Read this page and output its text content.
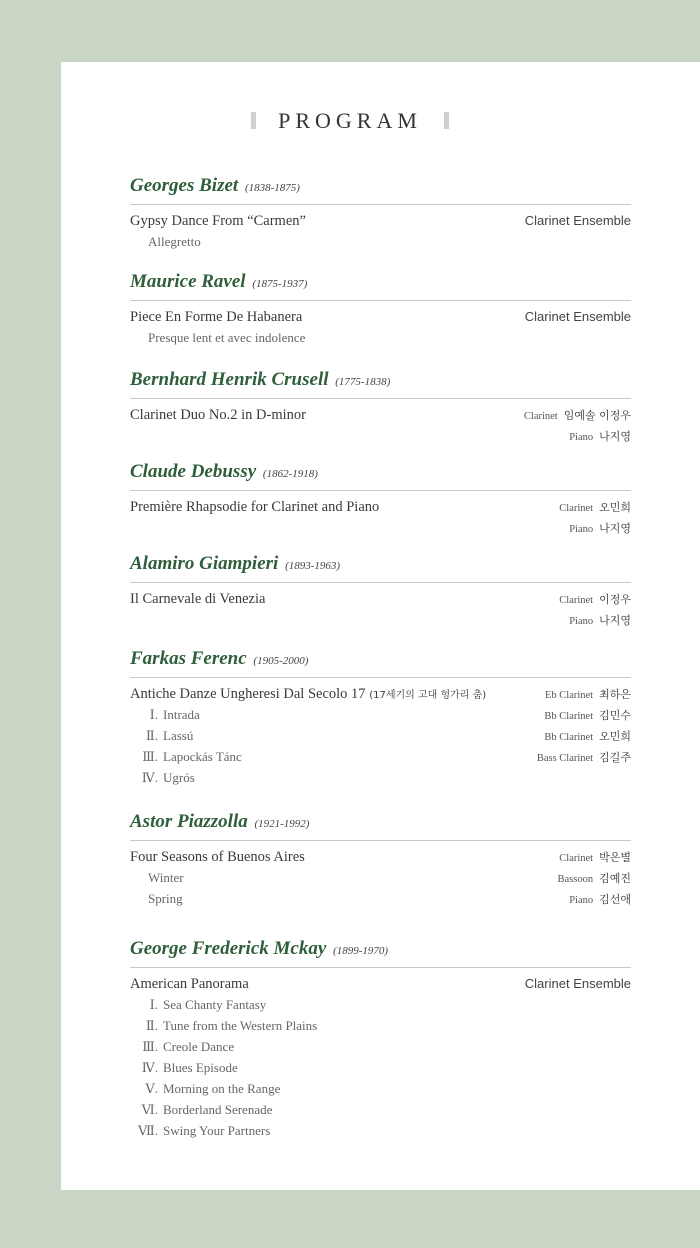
PROGRAM
Georges Bizet (1838-1875)
Gypsy Dance From “Carmen”	Clarinet Ensemble
Allegretto
Maurice Ravel (1875-1937)
Piece En Forme De Habanera	Clarinet Ensemble
Presque lent et avec indolence
Bernhard Henrik Crusell (1775-1838)
Clarinet Duo No.2 in D-minor	Clarinet 임예솔 이정우
Piano 나지영
Claude Debussy (1862-1918)
Première Rhapsodie for Clarinet and Piano	Clarinet 오민희
Piano 나지영
Alamiro Giampieri (1893-1963)
Il Carnevale di Venezia	Clarinet 이정우
Piano 나지영
Farkas Ferenc (1905-2000)
Antiche Danze Ungheresi Dal Secolo 17 (17세기의 고대 헝가리 춤)	Eb Clarinet 최하은
Ⅰ. Intrada	Bb Clarinet 김민수
Ⅱ. Lassú	Bb Clarinet 오민희
Ⅲ. Lapockás Tánc	Bass Clarinet 김길주
Ⅳ. Ugrós
Astor Piazzolla (1921-1992)
Four Seasons of Buenos Aires	Clarinet 박은별
Winter	Bassoon 김예진
Spring	Piano 김선애
George Frederick Mckay (1899-1970)
American Panorama	Clarinet Ensemble
Ⅰ. Sea Chanty Fantasy
Ⅱ. Tune from the Western Plains
Ⅲ. Creole Dance
Ⅳ. Blues Episode
Ⅴ. Morning on the Range
Ⅵ. Borderland Serenade
Ⅶ. Swing Your Partners
